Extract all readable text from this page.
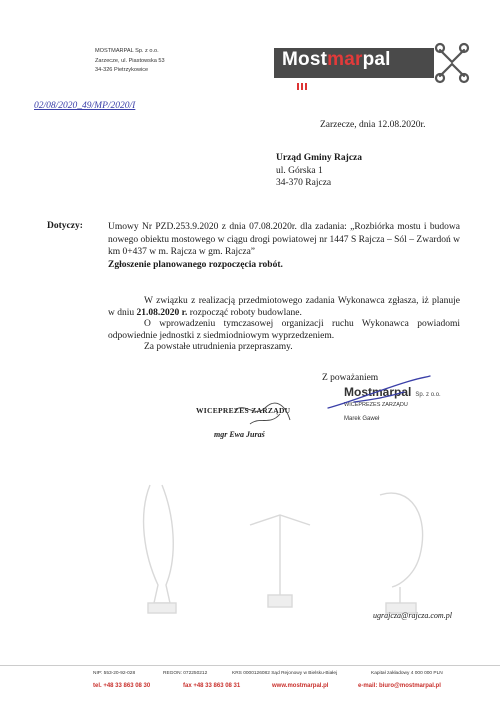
MOSTMARPAL Sp. z o.o.
Zarzecze, ul. Piastowska 53
34-326 Pietrzykowice	Mostmarpal
02/08/2020_49/MP/2020/I
Zarzecze, dnia 12.08.2020r.
Urząd Gminy Rajcza
ul. Górska 1
34-370 Rajcza
Dotyczy:	Umowy Nr PZD.253.9.2020 z dnia 07.08.2020r. dla zadania: „Rozbiórka mostu i budowa nowego obiektu mostowego w ciągu drogi powiatowej nr 1447 S Rajcza – Sól – Zwardoń w km 0+437 w m. Rajcza w gm. Rajcza”
Zgłoszenie planowanego rozpoczęcia robót.

W związku z realizacją przedmiotowego zadania Wykonawca zgłasza, iż planuje w dniu 21.08.2020 r. rozpocząć roboty budowlane.

O wprowadzeniu tymczasowej organizacji ruchu Wykonawca powiadomi odpowiednie jednostki z siedmiodniowym wyprzedzeniem.

Za powstałe utrudnienia przepraszamy.

Z poważaniem
Mostmarpal Sp. z o.o.
WICEPREZES ZARZĄDU
Marek Gaweł
WICEPREZES ZARZĄDU
mgr Ewa Juraś
ugrajcza@rajcza.com.pl
NIP: 553-20-92-028	REGON: 072250212	KRS 0000126082 Sąd Rejonowy w Bielsku-Białej	Kapitał zakładowy 4 000 000 PLN
tel. +48 33 863 08 30	fax +48 33 863 08 31	www.mostmarpal.pl	e-mail: biuro@mostmarpal.pl
